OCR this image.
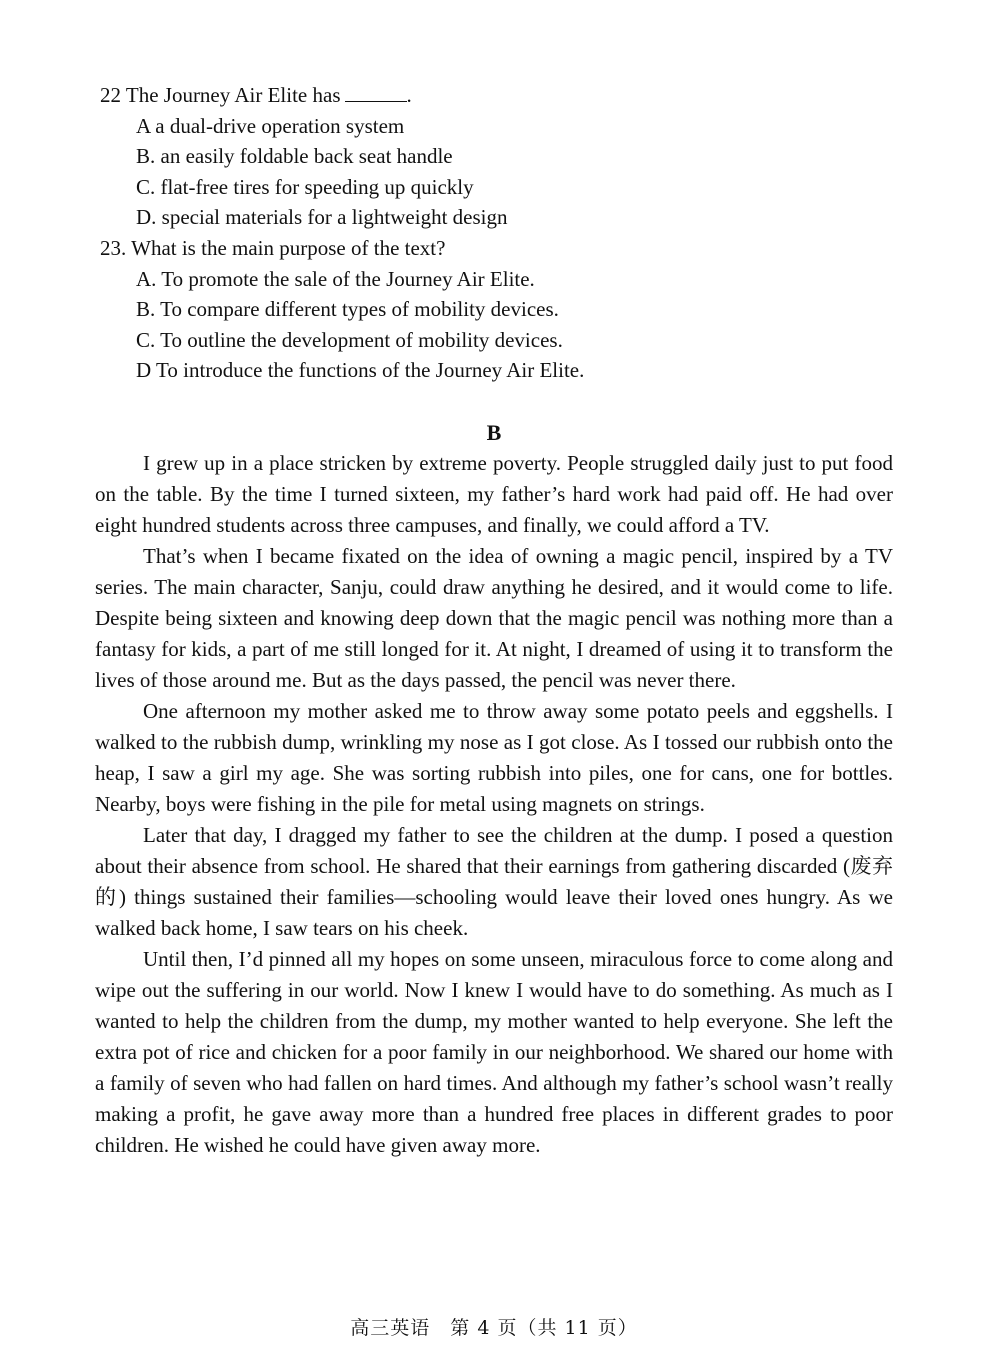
22 The Journey Air Elite has	.
A a dual-drive operation system
B. an easily foldable back seat handle
C. flat-free tires for speeding up quickly
D. special materials for a lightweight design
23. What is the main purpose of the text?
A. To promote the sale of the Journey Air Elite.
B. To compare different types of mobility devices.
C. To outline the development of mobility devices.
D To introduce the functions of the Journey Air Elite.
B

I grew up in a place stricken by extreme poverty. People struggled daily just to put food on the table. By the time I turned sixteen, my father’s hard work had paid off. He had over eight hundred students across three campuses, and finally, we could afford a TV.

That’s when I became fixated on the idea of owning a magic pencil, inspired by a TV series. The main character, Sanju, could draw anything he desired, and it would come to life. Despite being sixteen and knowing deep down that the magic pencil was nothing more than a fantasy for kids, a part of me still longed for it. At night, I dreamed of using it to transform the lives of those around me. But as the days passed, the pencil was never there.

One afternoon my mother asked me to throw away some potato peels and eggshells. I walked to the rubbish dump, wrinkling my nose as I got close. As I tossed our rubbish onto the heap, I saw a girl my age. She was sorting rubbish into piles, one for cans, one for bottles. Nearby, boys were fishing in the pile for metal using magnets on strings.

Later that day, I dragged my father to see the children at the dump. I posed a question about their absence from school. He shared that their earnings from gathering discarded (废弃的) things sustained their families—schooling would leave their loved ones hungry. As we walked back home, I saw tears on his cheek.

Until then, I’d pinned all my hopes on some unseen, miraculous force to come along and wipe out the suffering in our world. Now I knew I would have to do something. As much as I wanted to help the children from the dump, my mother wanted to help everyone. She left the extra pot of rice and chicken for a poor family in our neighborhood. We shared our home with a family of seven who had fallen on hard times. And although my father’s school wasn’t really making a profit, he gave away more than a hundred free places in different grades to poor children. He wished he could have given away more.

高三英语　第 4 页（共 11 页）
